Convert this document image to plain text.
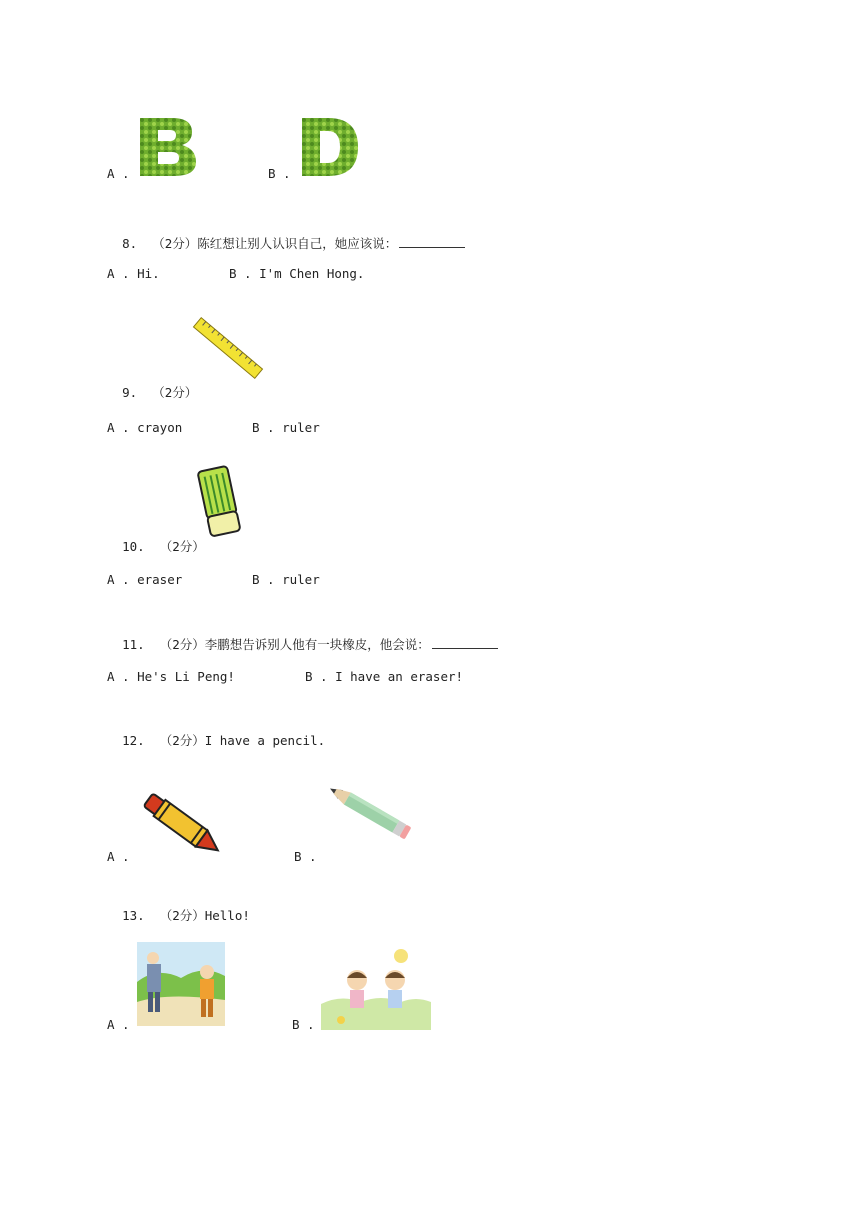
A .	B .

8. （2分）陈红想让别人认识自己，她应该说：

A . Hi.	B . I'm Chen Hong.

9. （2分）

A . crayon	B . ruler

10. （2分）

A . eraser	B . ruler

11. （2分）李鹏想告诉别人他有一块橡皮，他会说：

A . He's Li Peng!	B . I have an eraser!

12. （2分）I have a pencil.

A .	B .

13. （2分）Hello!

A .	B .
